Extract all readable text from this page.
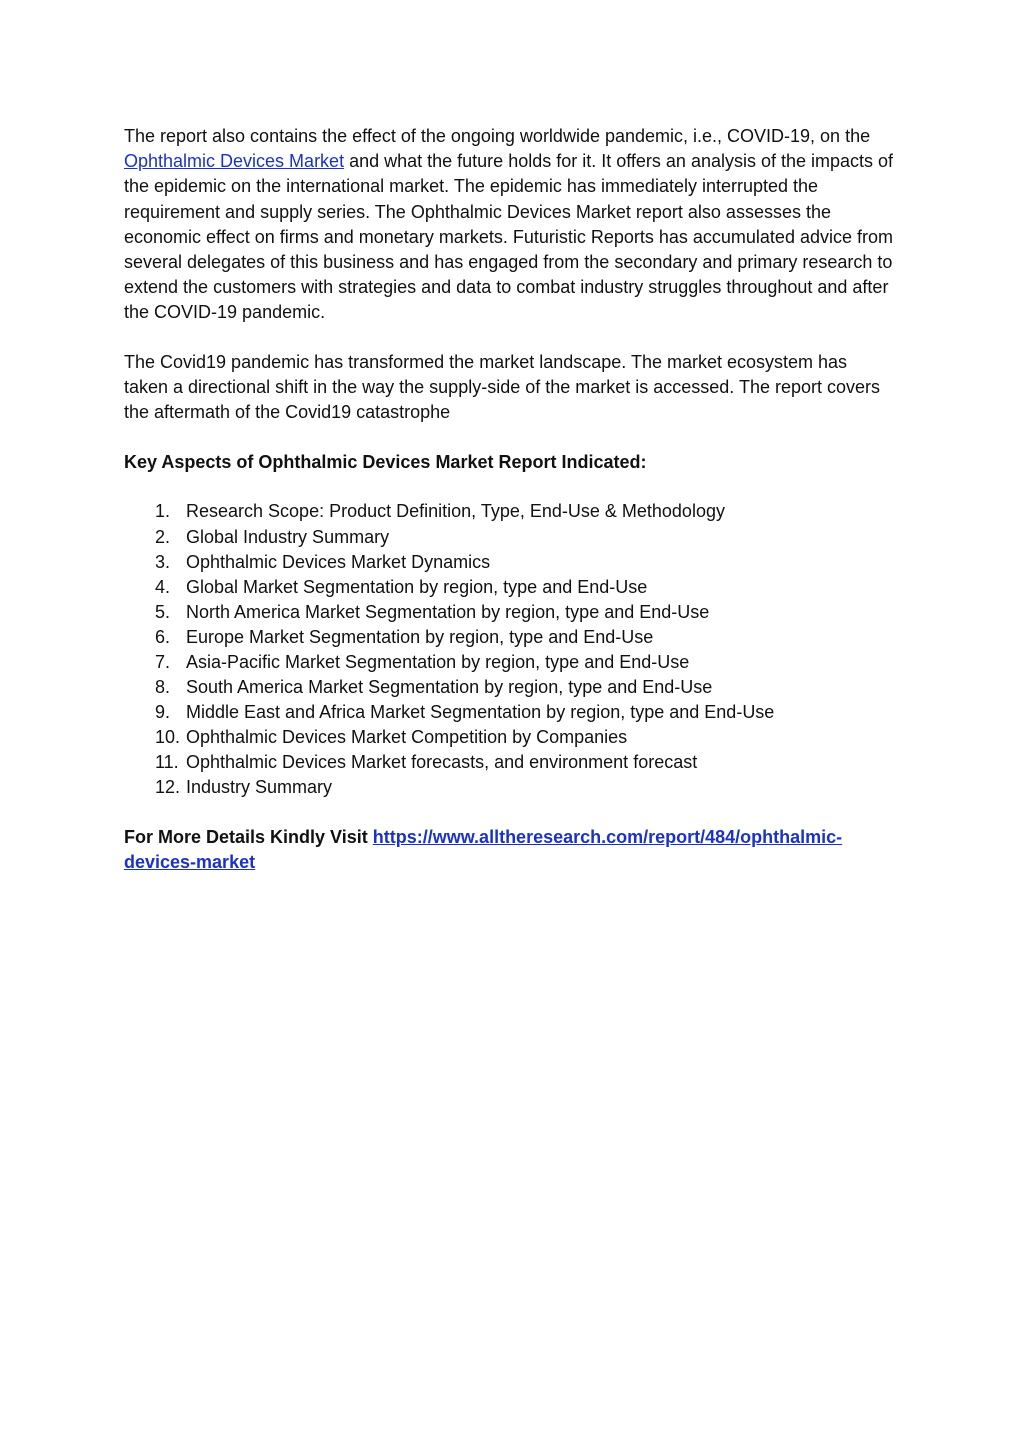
The report also contains the effect of the ongoing worldwide pandemic, i.e., COVID-19, on the Ophthalmic Devices Market and what the future holds for it. It offers an analysis of the impacts of the epidemic on the international market. The epidemic has immediately interrupted the requirement and supply series. The Ophthalmic Devices Market report also assesses the economic effect on firms and monetary markets. Futuristic Reports has accumulated advice from several delegates of this business and has engaged from the secondary and primary research to extend the customers with strategies and data to combat industry struggles throughout and after the COVID-19 pandemic.

The Covid19 pandemic has transformed the market landscape. The market ecosystem has taken a directional shift in the way the supply-side of the market is accessed. The report covers the aftermath of the Covid19 catastrophe

Key Aspects of Ophthalmic Devices Market Report Indicated:

1. Research Scope: Product Definition, Type, End-Use & Methodology
2. Global Industry Summary
3. Ophthalmic Devices Market Dynamics
4. Global Market Segmentation by region, type and End-Use
5. North America Market Segmentation by region, type and End-Use
6. Europe Market Segmentation by region, type and End-Use
7. Asia-Pacific Market Segmentation by region, type and End-Use
8. South America Market Segmentation by region, type and End-Use
9. Middle East and Africa Market Segmentation by region, type and End-Use
10. Ophthalmic Devices Market Competition by Companies
11. Ophthalmic Devices Market forecasts, and environment forecast
12. Industry Summary

For More Details Kindly Visit https://www.alltheresearch.com/report/484/ophthalmic-devices-market
